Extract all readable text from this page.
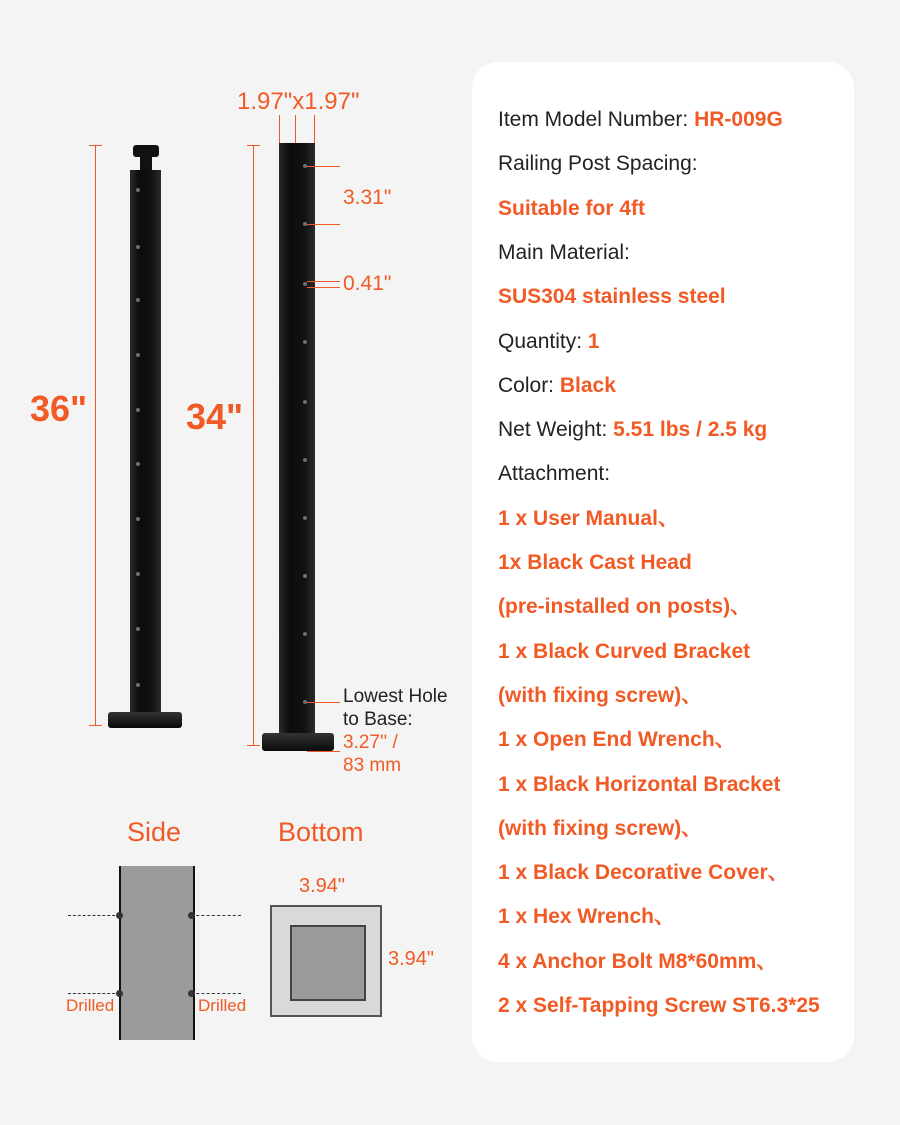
36"
1.97"x1.97"
34"
3.31"
0.41"
Lowest Hole
to Base:
3.27'' /
83 mm
Side
Drilled	Drilled
Bottom
3.94"
3.94"
Item Model Number: HR-009G
Railing Post Spacing:
Suitable for 4ft
Main Material:
SUS304 stainless steel
Quantity: 1
Color: Black
Net Weight: 5.51 lbs / 2.5 kg
Attachment:
1 x User Manual、
1x Black Cast Head
(pre-installed on posts)、
1 x Black Curved Bracket
(with fixing screw)、
1 x Open End Wrench、
1 x Black Horizontal Bracket
(with fixing screw)、
1 x Black Decorative Cover、
1 x Hex Wrench、
4 x Anchor Bolt M8*60mm、
2 x Self-Tapping Screw ST6.3*25
